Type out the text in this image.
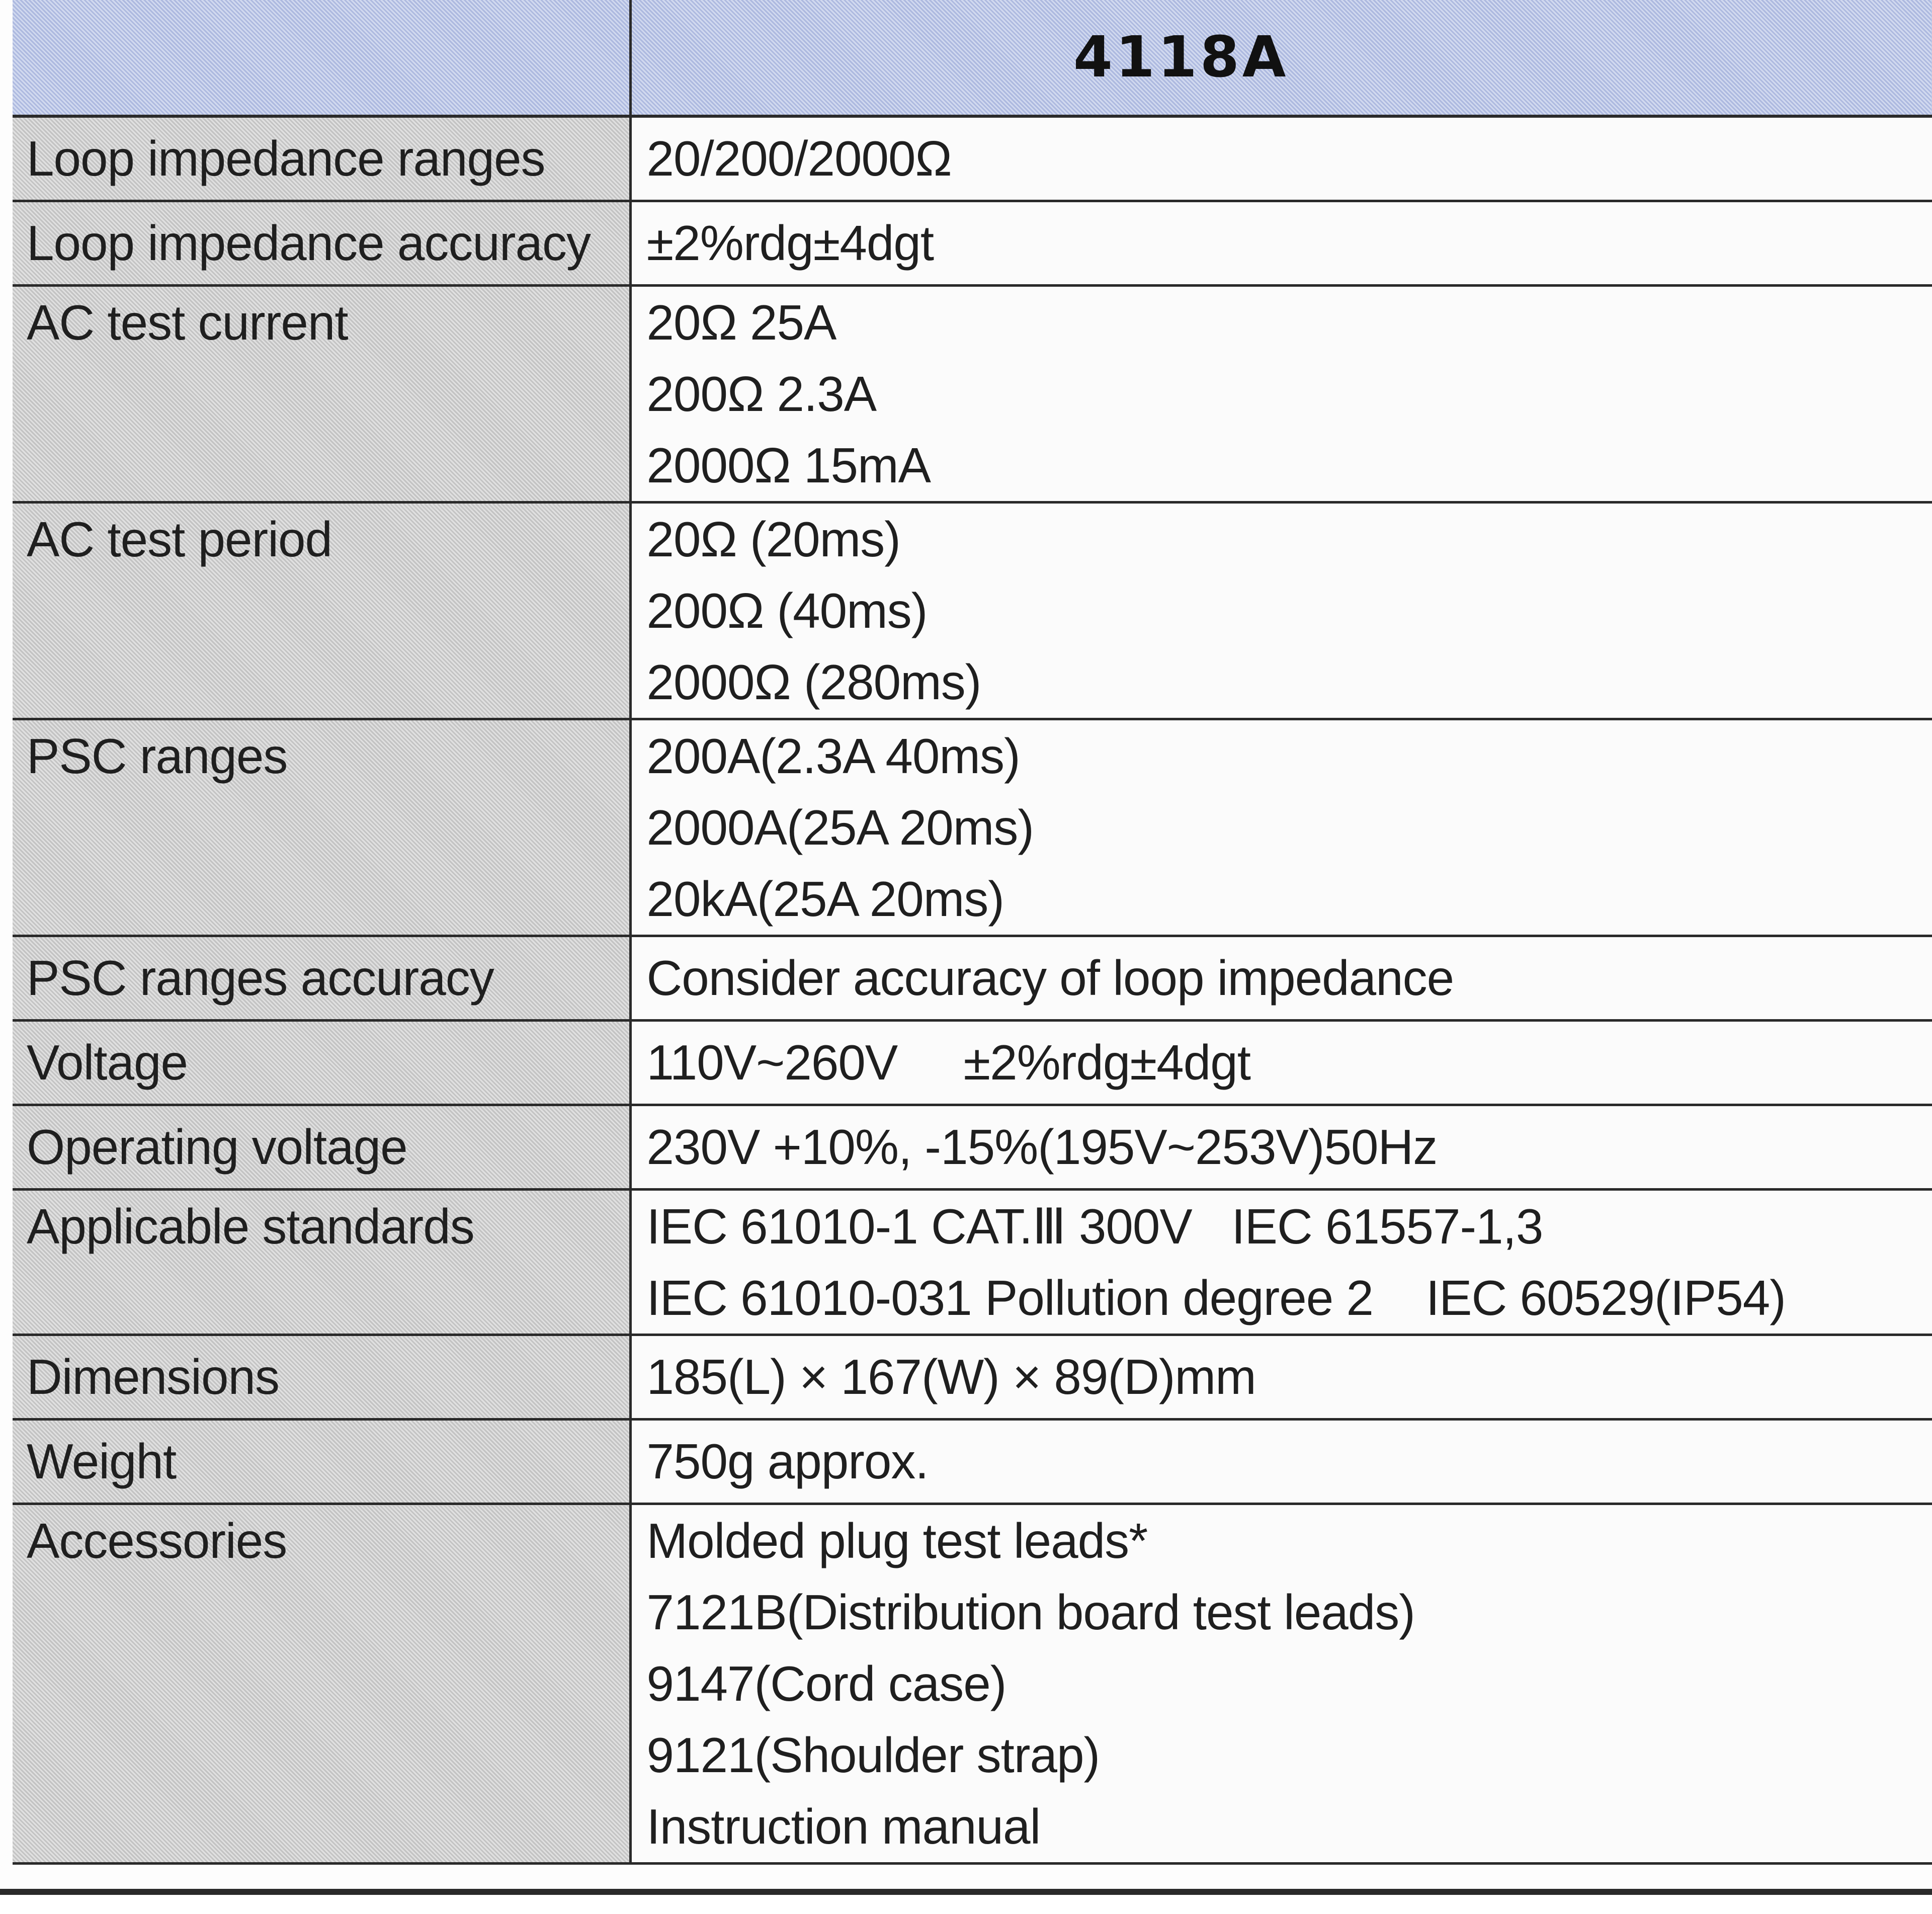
	4118A

Loop impedance ranges	20/200/2000Ω

Loop impedance accuracy	±2%rdg±4dgt

AC test current	20Ω 25A
200Ω 2.3A
2000Ω 15mA

AC test period	20Ω (20ms)
200Ω (40ms)
2000Ω (280ms)

PSC ranges	200A(2.3A 40ms)
2000A(25A 20ms)
20kA(25A 20ms)

PSC ranges accuracy	Consider accuracy of loop impedance

Voltage	110V~260V     ±2%rdg±4dgt

Operating voltage	230V +10%, -15%(195V~253V)50Hz

Applicable standards	IEC 61010-1 CAT.Ⅲ 300V   IEC 61557-1,3
IEC 61010-031 Pollution degree 2    IEC 60529(IP54)

Dimensions	185(L) × 167(W) × 89(D)mm

Weight	750g approx.

Accessories	Molded plug test leads*
7121B(Distribution board test leads)
9147(Cord case)
9121(Shoulder strap)
Instruction manual
